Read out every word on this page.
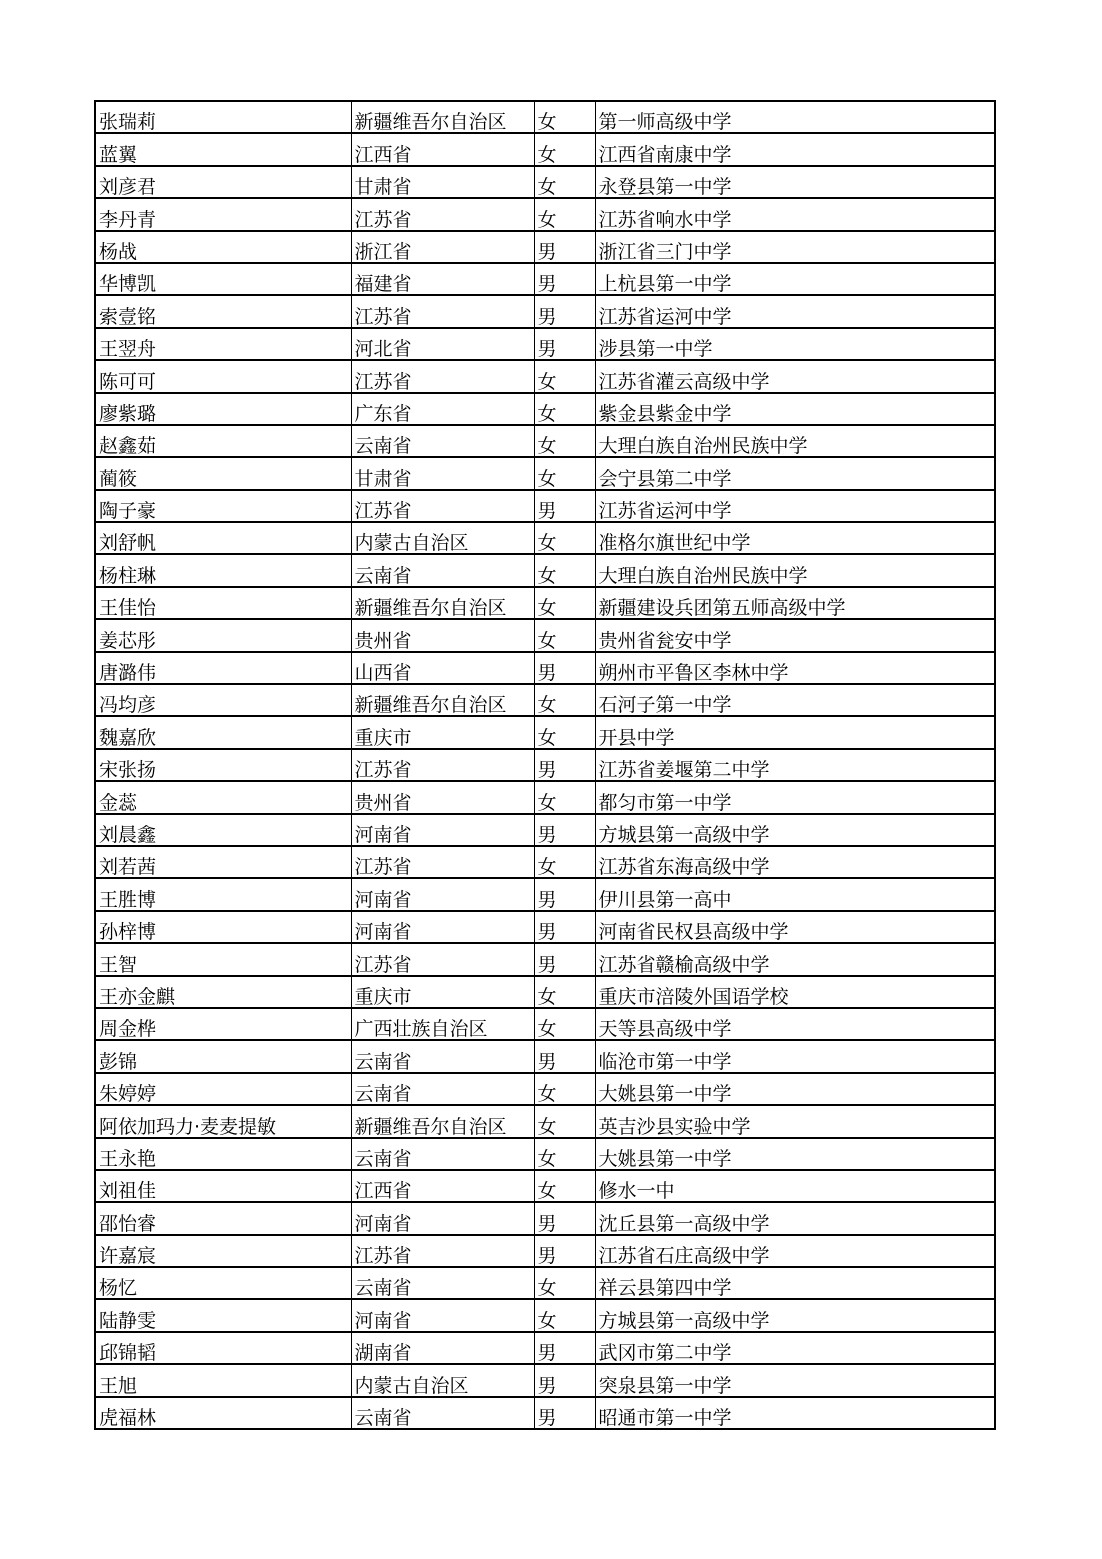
张瑞莉	新疆维吾尔自治区	女	第一师高级中学
蓝翼	江西省	女	江西省南康中学
刘彦君	甘肃省	女	永登县第一中学
李丹青	江苏省	女	江苏省响水中学
杨战	浙江省	男	浙江省三门中学
华博凯	福建省	男	上杭县第一中学
索壹铭	江苏省	男	江苏省运河中学
王翌舟	河北省	男	涉县第一中学
陈可可	江苏省	女	江苏省灌云高级中学
廖紫璐	广东省	女	紫金县紫金中学
赵鑫茹	云南省	女	大理白族自治州民族中学
蔺筱	甘肃省	女	会宁县第二中学
陶子豪	江苏省	男	江苏省运河中学
刘舒帆	内蒙古自治区	女	准格尔旗世纪中学
杨柱琳	云南省	女	大理白族自治州民族中学
王佳怡	新疆维吾尔自治区	女	新疆建设兵团第五师高级中学
姜芯彤	贵州省	女	贵州省瓮安中学
唐潞伟	山西省	男	朔州市平鲁区李林中学
冯均彦	新疆维吾尔自治区	女	石河子第一中学
魏嘉欣	重庆市	女	开县中学
宋张扬	江苏省	男	江苏省姜堰第二中学
金蕊	贵州省	女	都匀市第一中学
刘晨鑫	河南省	男	方城县第一高级中学
刘若茜	江苏省	女	江苏省东海高级中学
王胜博	河南省	男	伊川县第一高中
孙梓博	河南省	男	河南省民权县高级中学
王智	江苏省	男	江苏省赣榆高级中学
王亦金麒	重庆市	女	重庆市涪陵外国语学校
周金桦	广西壮族自治区	女	天等县高级中学
彭锦	云南省	男	临沧市第一中学
朱婷婷	云南省	女	大姚县第一中学
阿依加玛力·麦麦提敏	新疆维吾尔自治区	女	英吉沙县实验中学
王永艳	云南省	女	大姚县第一中学
刘祖佳	江西省	女	修水一中
邵怡睿	河南省	男	沈丘县第一高级中学
许嘉宸	江苏省	男	江苏省石庄高级中学
杨忆	云南省	女	祥云县第四中学
陆静雯	河南省	女	方城县第一高级中学
邱锦韬	湖南省	男	武冈市第二中学
王旭	内蒙古自治区	男	突泉县第一中学
虎福林	云南省	男	昭通市第一中学
